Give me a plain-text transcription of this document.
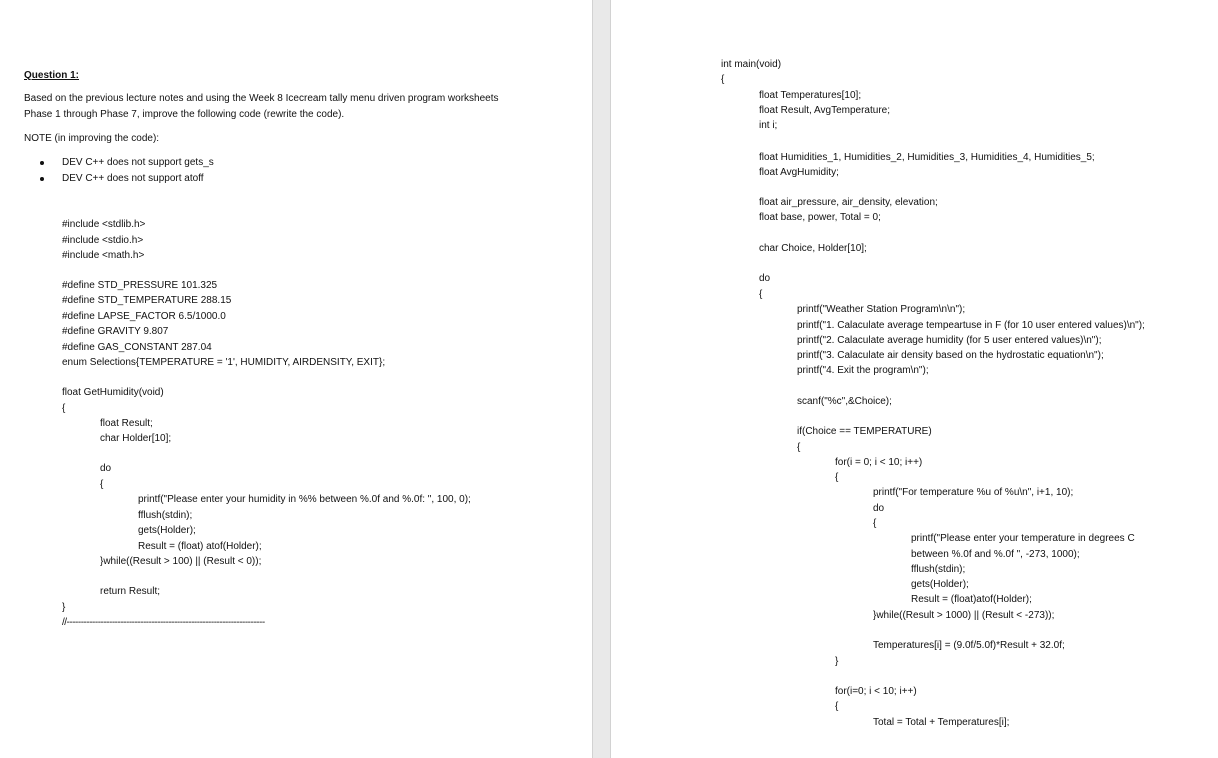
Question 1:
Based on the previous lecture notes and using the Week 8 Icecream tally menu driven program worksheets
Phase 1 through Phase 7, improve the following code (rewrite the code).
NOTE (in improving the code):
DEV C++ does not support gets_s
DEV C++ does not support atoff
#include <stdlib.h>
#include <stdio.h>
#include <math.h>
#define STD_PRESSURE 101.325
#define STD_TEMPERATURE 288.15
#define LAPSE_FACTOR 6.5/1000.0
#define GRAVITY 9.807
#define GAS_CONSTANT 287.04
enum Selections{TEMPERATURE = '1', HUMIDITY, AIRDENSITY, EXIT};
float GetHumidity(void)
{
float Result;
char Holder[10];
do
{
printf("Please enter your humidity in %% between %.0f and %.0f: ", 100, 0);
fflush(stdin);
gets(Holder);
Result = (float) atof(Holder);
}while((Result > 100) || (Result < 0));
return Result;
}
//----------------------------------------------------------------------
int main(void)
{
float Temperatures[10];
float Result, AvgTemperature;
int i;
float Humidities_1, Humidities_2, Humidities_3, Humidities_4, Humidities_5;
float AvgHumidity;
float air_pressure, air_density, elevation;
float base, power, Total = 0;
char Choice, Holder[10];
do
{
printf("Weather Station Program\n\n");
printf("1. Calaculate average tempeartuse in F (for 10 user entered values)\n");
printf("2. Calaculate average humidity (for 5 user entered values)\n");
printf("3. Calaculate air density based on the hydrostatic equation\n");
printf("4. Exit the program\n");
scanf("%c",&Choice);
if(Choice == TEMPERATURE)
{
for(i = 0; i < 10; i++)
{
printf("For temperature %u of %u\n", i+1, 10);
do
{
printf("Please enter your temperature in degrees C
between %.0f and %.0f ", -273, 1000);
fflush(stdin);
gets(Holder);
Result = (float)atof(Holder);
}while((Result > 1000) || (Result < -273));
Temperatures[i] = (9.0f/5.0f)*Result + 32.0f;
}
for(i=0; i < 10; i++)
{
Total = Total + Temperatures[i];
